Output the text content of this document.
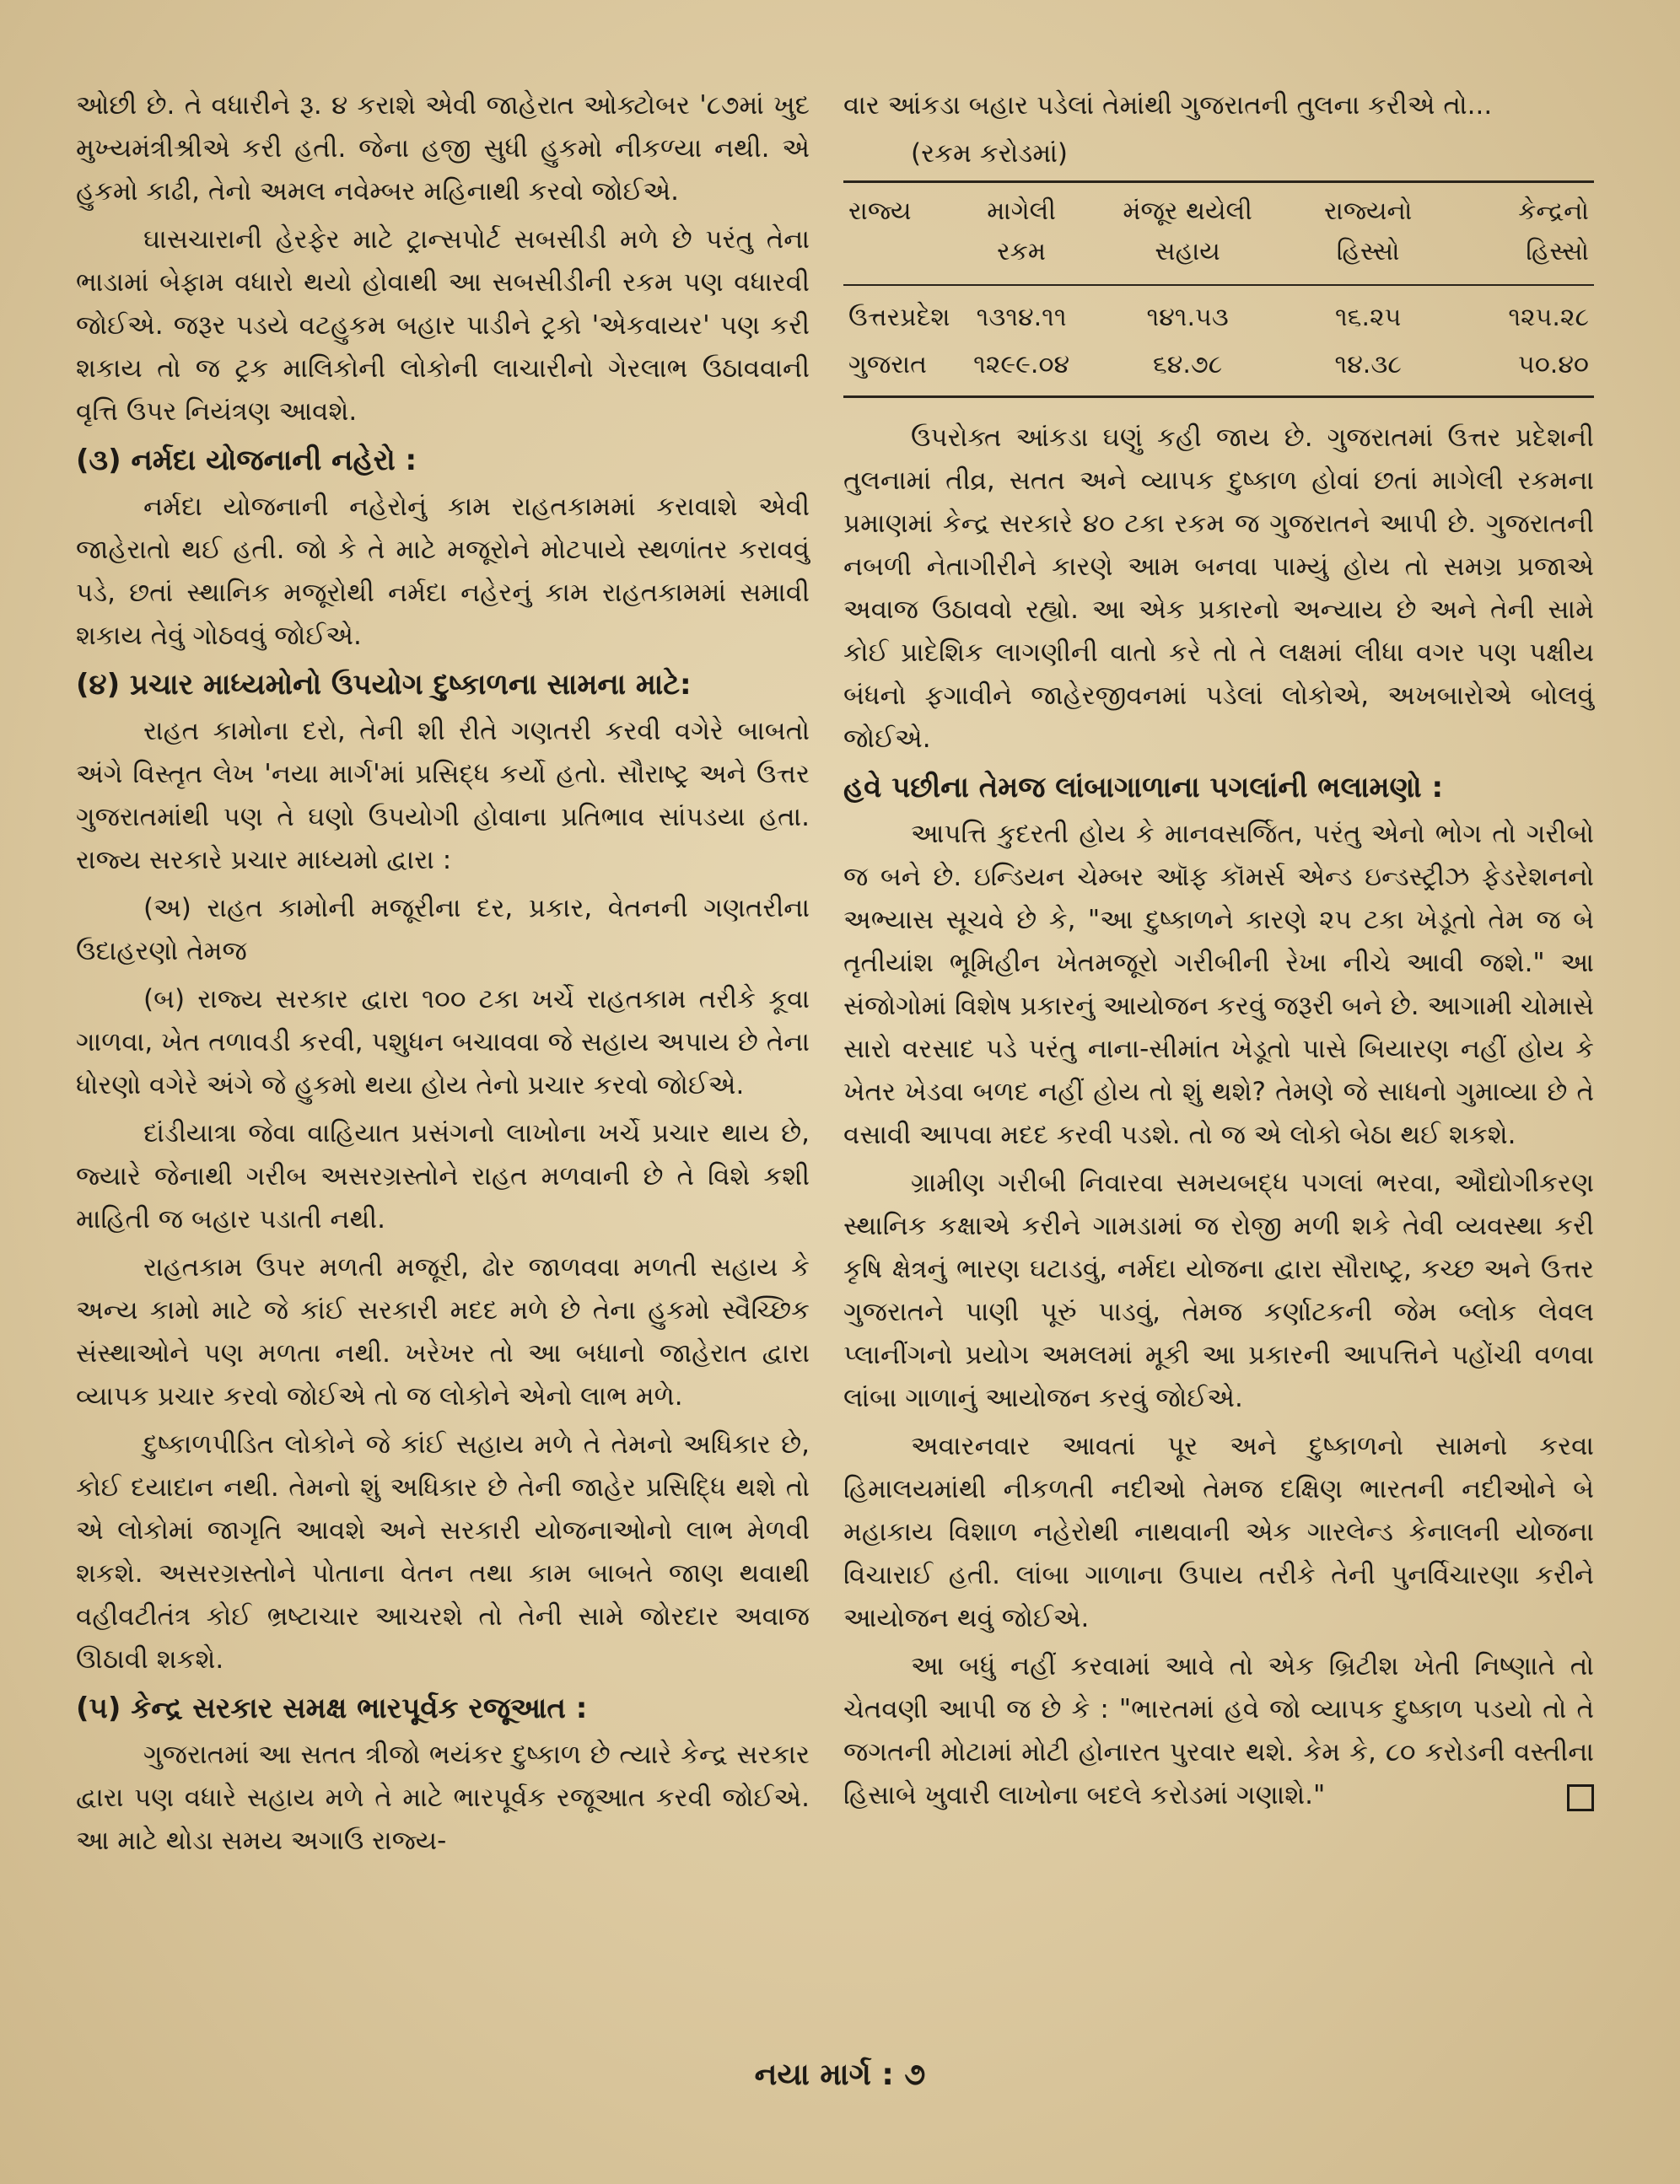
ઓછી છે. તે વધારીને રૂ. ૪ કરાશે એવી જાહેરાત ઓક્ટોબર '૮૭માં ખુદ મુખ્યમંત્રીશ્રીએ કરી હતી. જેના હજી સુધી હુકમો નીકળ્યા નથી. એ હુકમો કાઢી, તેનો અમલ નવેમ્બર મહિનાથી કરવો જોઈએ.

ઘાસચારાની હેરફેર માટે ટ્રાન્સપોર્ટ સબસીડી મળે છે પરંતુ તેના ભાડામાં બેફામ વધારો થયો હોવાથી આ સબસીડીની રકમ પણ વધારવી જોઈએ. જરૂર પડયે વટહુકમ બહાર પાડીને ટ્રકો 'એકવાયર' પણ કરી શકાય તો જ ટ્રક માલિકોની લોકોની લાચારીનો ગેરલાભ ઉઠાવવાની વૃત્તિ ઉપર નિયંત્રણ આવશે.

(૩) નર્મદા યોજનાની નહેરો :

નર્મદા યોજનાની નહેરોનું કામ રાહતકામમાં કરાવાશે એવી જાહેરાતો થઈ હતી. જો કે તે માટે મજૂરોને મોટપાયે સ્થળાંતર કરાવવું પડે, છતાં સ્થાનિક મજૂરોથી નર્મદા નહેરનું કામ રાહતકામમાં સમાવી શકાય તેવું ગોઠવવું જોઈએ.

(૪) પ્રચાર માધ્યમોનો ઉપયોગ દુષ્કાળના સામના માટે:

રાહત કામોના દરો, તેની શી રીતે ગણતરી કરવી વગેરે બાબતો અંગે વિસ્તૃત લેખ 'નયા માર્ગ'માં પ્રસિદ્ધ કર્યો હતો. સૌરાષ્ટ્ર અને ઉત્તર ગુજરાતમાંથી પણ તે ઘણો ઉપયોગી હોવાના પ્રતિભાવ સાંપડયા હતા. રાજ્ય સરકારે પ્રચાર માધ્યમો દ્વારા :

(અ) રાહત કામોની મજૂરીના દર, પ્રકાર, વેતનની ગણતરીના ઉદાહરણો તેમજ

(બ) રાજ્ય સરકાર દ્વારા ૧૦૦ ટકા ખર્ચે રાહતકામ તરીકે કૂવા ગાળવા, ખેત તળાવડી કરવી, પશુધન બચાવવા જે સહાય અપાય છે તેના ધોરણો વગેરે અંગે જે હુકમો થયા હોય તેનો પ્રચાર કરવો જોઈએ.

દાંડીયાત્રા જેવા વાહિયાત પ્રસંગનો લાખોના ખર્ચે પ્રચાર થાય છે, જ્યારે જેનાથી ગરીબ અસરગ્રસ્તોને રાહત મળવાની છે તે વિશે કશી માહિતી જ બહાર પડાતી નથી.

રાહતકામ ઉપર મળતી મજૂરી, ઢોર જાળવવા મળતી સહાય કે અન્ય કામો માટે જે કાંઈ સરકારી મદદ મળે છે તેના હુકમો સ્વૈચ્છિક સંસ્થાઓને પણ મળતા નથી. ખરેખર તો આ બધાનો જાહેરાત દ્વારા વ્યાપક પ્રચાર કરવો જોઈએ તો જ લોકોને એનો લાભ મળે.

દુષ્કાળપીડિત લોકોને જે કાંઈ સહાય મળે તે તેમનો અધિકાર છે, કોઈ દયાદાન નથી. તેમનો શું અધિકાર છે તેની જાહેર પ્રસિદ્ધિ થશે તો એ લોકોમાં જાગૃતિ આવશે અને સરકારી યોજનાઓનો લાભ મેળવી શકશે. અસરગ્રસ્તોને પોતાના વેતન તથા કામ બાબતે જાણ થવાથી વહીવટીતંત્ર કોઈ ભ્રષ્ટાચાર આચરશે તો તેની સામે જોરદાર અવાજ ઊઠાવી શકશે.

(૫) કેન્દ્ર સરકાર સમક્ષ ભારપૂર્વક રજૂઆત :

ગુજરાતમાં આ સતત ત્રીજો ભયંકર દુષ્કાળ છે ત્યારે કેન્દ્ર સરકાર દ્વારા પણ વધારે સહાય મળે તે માટે ભારપૂર્વક રજૂઆત કરવી જોઈએ. આ માટે થોડા સમય અગાઉ રાજ્ય-

વાર આંકડા બહાર પડેલાં તેમાંથી ગુજરાતની તુલના કરીએ તો...

(રકમ કરોડમાં)

રાજ્ય	માગેલી રકમ	મંજૂર થયેલી સહાય	રાજ્યનો હિસ્સો	કેન્દ્રનો હિસ્સો
ઉત્તરપ્રદેશ	૧૩૧૪.૧૧	૧૪૧.૫૩	૧૬.૨૫	૧૨૫.૨૮
ગુજરાત	૧૨૯૯.૦૪	૬૪.૭૮	૧૪.૩૮	૫૦.૪૦

ઉપરોક્ત આંકડા ઘણું કહી જાય છે. ગુજરાતમાં ઉત્તર પ્રદેશની તુલનામાં તીવ્ર, સતત અને વ્યાપક દુષ્કાળ હોવાં છતાં માગેલી રકમના પ્રમાણમાં કેન્દ્ર સરકારે ૪૦ ટકા રકમ જ ગુજરાતને આપી છે. ગુજરાતની નબળી નેતાગીરીને કારણે આમ બનવા પામ્યું હોય તો સમગ્ર પ્રજાએ અવાજ ઉઠાવવો રહ્યો. આ એક પ્રકારનો અન્યાય છે અને તેની સામે કોઈ પ્રાદેશિક લાગણીની વાતો કરે તો તે લક્ષમાં લીધા વગર પણ પક્ષીય બંધનો ફગાવીને જાહેરજીવનમાં પડેલાં લોકોએ, અખબારોએ બોલવું જોઈએ.

હવે પછીના તેમજ લાંબાગાળાના પગલાંની ભલામણો :

આપત્તિ કુદરતી હોય કે માનવસર્જિત, પરંતુ એનો ભોગ તો ગરીબો જ બને છે. ઇન્ડિયન ચેમ્બર ઑફ કૉમર્સ એન્ડ ઇન્ડસ્ટ્રીઝ ફેડરેશનનો અભ્યાસ સૂચવે છે કે, "આ દુષ્કાળને કારણે ૨૫ ટકા ખેડૂતો તેમ જ બે તૃતીયાંશ ભૂમિહીન ખેતમજૂરો ગરીબીની રેખા નીચે આવી જશે." આ સંજોગોમાં વિશેષ પ્રકારનું આયોજન કરવું જરૂરી બને છે. આગામી ચોમાસે સારો વરસાદ પડે પરંતુ નાના-સીમાંત ખેડૂતો પાસે બિયારણ નહીં હોય કે ખેતર ખેડવા બળદ નહીં હોય તો શું થશે? તેમણે જે સાધનો ગુમાવ્યા છે તે વસાવી આપવા મદદ કરવી પડશે. તો જ એ લોકો બેઠા થઈ શકશે.

ગ્રામીણ ગરીબી નિવારવા સમયબદ્ધ પગલાં ભરવા, ઔદ્યોગીકરણ સ્થાનિક કક્ષાએ કરીને ગામડામાં જ રોજી મળી શકે તેવી વ્યવસ્થા કરી કૃષિ ક્ષેત્રનું ભારણ ઘટાડવું, નર્મદા યોજના દ્વારા સૌરાષ્ટ્ર, કચ્છ અને ઉત્તર ગુજરાતને પાણી પૂરું પાડવું, તેમજ કર્ણાટકની જેમ બ્લોક લેવલ પ્લાનીંગનો પ્રયોગ અમલમાં મૂકી આ પ્રકારની આપત્તિને પહોંચી વળવા લાંબા ગાળાનું આયોજન કરવું જોઈએ.

અવારનવાર આવતાં પૂર અને દુષ્કાળનો સામનો કરવા હિમાલયમાંથી નીકળતી નદીઓ તેમજ દક્ષિણ ભારતની નદીઓને બે મહાકાય વિશાળ નહેરોથી નાથવાની એક ગારલેન્ડ કેનાલની યોજના વિચારાઈ હતી. લાંબા ગાળાના ઉપાય તરીકે તેની પુનર્વિચારણા કરીને આયોજન થવું જોઈએ.

આ બધું નહીં કરવામાં આવે તો એક બ્રિટીશ ખેતી નિષ્ણાતે તો ચેતવણી આપી જ છે કે : "ભારતમાં હવે જો વ્યાપક દુષ્કાળ પડયો તો તે જગતની મોટામાં મોટી હોનારત પુરવાર થશે. કેમ કે, ૮૦ કરોડની વસ્તીના હિસાબે ખુવારી લાખોના બદલે કરોડમાં ગણાશે."

નયા માર્ગ : ૭
